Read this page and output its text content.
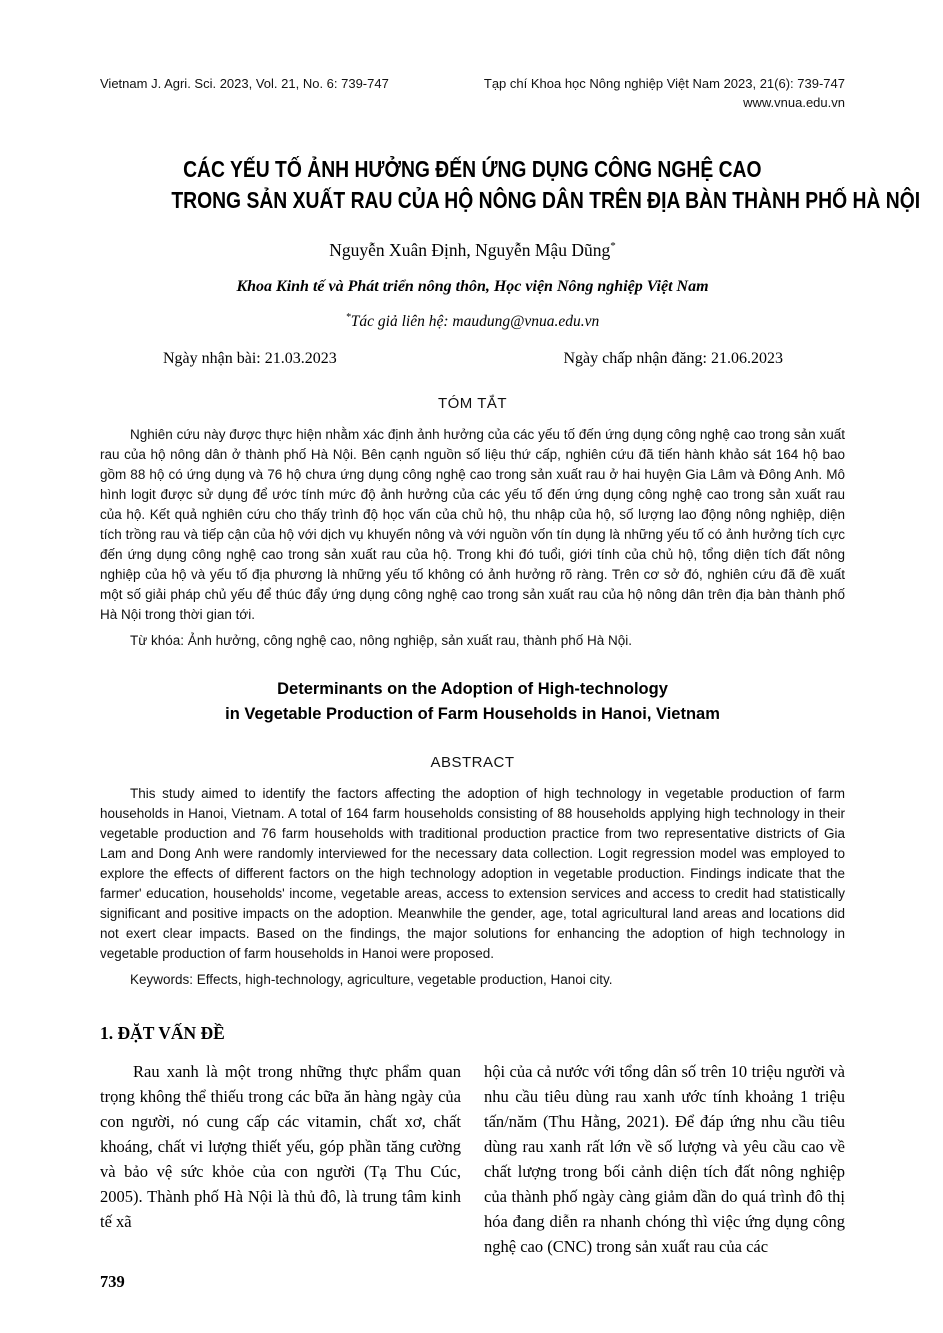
Vietnam J. Agri. Sci. 2023, Vol. 21, No. 6: 739-747	Tạp chí Khoa học Nông nghiệp Việt Nam 2023, 21(6): 739-747
www.vnua.edu.vn
CÁC YẾU TỐ ẢNH HƯỞNG ĐẾN ỨNG DỤNG CÔNG NGHỆ CAO
TRONG SẢN XUẤT RAU CỦA HỘ NÔNG DÂN TRÊN ĐỊA BÀN THÀNH PHỐ HÀ NỘI
Nguyễn Xuân Định, Nguyễn Mậu Dũng*
Khoa Kinh tế và Phát triển nông thôn, Học viện Nông nghiệp Việt Nam
*Tác giả liên hệ: maudung@vnua.edu.vn
Ngày nhận bài: 21.03.2023	Ngày chấp nhận đăng: 21.06.2023
TÓM TẮT
Nghiên cứu này được thực hiện nhằm xác định ảnh hưởng của các yếu tố đến ứng dụng công nghệ cao trong sản xuất rau của hộ nông dân ở thành phố Hà Nội. Bên cạnh nguồn số liệu thứ cấp, nghiên cứu đã tiến hành khảo sát 164 hộ bao gồm 88 hộ có ứng dụng và 76 hộ chưa ứng dụng công nghệ cao trong sản xuất rau ở hai huyện Gia Lâm và Đông Anh. Mô hình logit được sử dụng để ước tính mức độ ảnh hưởng của các yếu tố đến ứng dụng công nghệ cao trong sản xuất rau của hộ. Kết quả nghiên cứu cho thấy trình độ học vấn của chủ hộ, thu nhập của hộ, số lượng lao động nông nghiệp, diện tích trồng rau và tiếp cận của hộ với dịch vụ khuyến nông và với nguồn vốn tín dụng là những yếu tố có ảnh hưởng tích cực đến ứng dụng công nghệ cao trong sản xuất rau của hộ. Trong khi đó tuổi, giới tính của chủ hộ, tổng diện tích đất nông nghiệp của hộ và yếu tố địa phương là những yếu tố không có ảnh hưởng rõ ràng. Trên cơ sở đó, nghiên cứu đã đề xuất một số giải pháp chủ yếu để thúc đẩy ứng dụng công nghệ cao trong sản xuất rau của hộ nông dân trên địa bàn thành phố Hà Nội trong thời gian tới.
Từ khóa: Ảnh hưởng, công nghệ cao, nông nghiệp, sản xuất rau, thành phố Hà Nội.
Determinants on the Adoption of High-technology
in Vegetable Production of Farm Households in Hanoi, Vietnam
ABSTRACT
This study aimed to identify the factors affecting the adoption of high technology in vegetable production of farm households in Hanoi, Vietnam. A total of 164 farm households consisting of 88 households applying high technology in their vegetable production and 76 farm households with traditional production practice from two representative districts of Gia Lam and Dong Anh were randomly interviewed for the necessary data collection. Logit regression model was employed to explore the effects of different factors on the high technology adoption in vegetable production. Findings indicate that the farmer' education, households' income, vegetable areas, access to extension services and access to credit had statistically significant and positive impacts on the adoption. Meanwhile the gender, age, total agricultural land areas and locations did not exert clear impacts. Based on the findings, the major solutions for enhancing the adoption of high technology in vegetable production of farm households in Hanoi were proposed.
Keywords: Effects, high-technology, agriculture, vegetable production, Hanoi city.
1. ĐẶT VẤN ĐỀ

Rau xanh là một trong những thực phẩm quan trọng không thể thiếu trong các bữa ăn hàng ngày của con người, nó cung cấp các vitamin, chất xơ, chất khoáng, chất vi lượng thiết yếu, góp phần tăng cường và bảo vệ sức khỏe của con người (Tạ Thu Cúc, 2005). Thành phố Hà Nội là thủ đô, là trung tâm kinh tế xã

hội của cả nước với tổng dân số trên 10 triệu người và nhu cầu tiêu dùng rau xanh ước tính khoảng 1 triệu tấn/năm (Thu Hằng, 2021). Để đáp ứng nhu cầu tiêu dùng rau xanh rất lớn về số lượng và yêu cầu cao về chất lượng trong bối cảnh diện tích đất nông nghiệp của thành phố ngày càng giảm dần do quá trình đô thị hóa đang diễn ra nhanh chóng thì việc ứng dụng công nghệ cao (CNC) trong sản xuất rau của các

739
